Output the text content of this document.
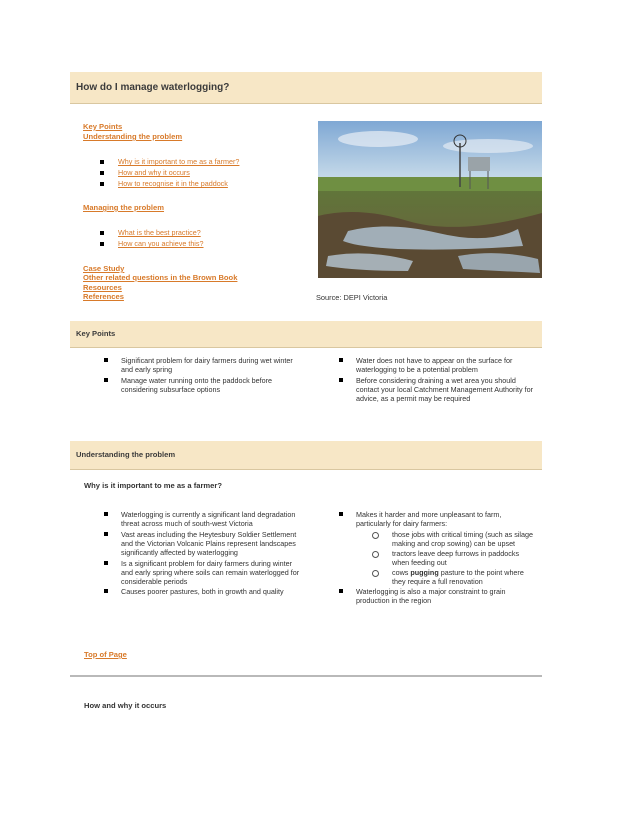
How do I manage waterlogging?
Key Points
Understanding the problem
Why is it important to me as a farmer?
How and why it occurs
How to recognise it in the paddock
Managing the problem
What is the best practice?
How can you achieve this?
Case Study
Other related questions in the Brown Book
Resources
References	Source: DEPI Victoria
Key Points
Significant problem for dairy farmers during wet winter
and early spring
Manage water running onto the paddock before
considering subsurface options
Water does not have to appear on the surface for
waterlogging to be a potential problem
Before considering draining a wet area you should
contact your local Catchment Management Authority for
advice, as a permit may be required
Understanding the problem
Why is it important to me as a farmer?
Waterlogging is currently a significant land degradation
threat across much of south-west Victoria
Vast areas including the Heytesbury Soldier Settlement
and the Victorian Volcanic Plains represent landscapes
significantly affected by waterlogging
Is a significant problem for dairy farmers during winter
and early spring where soils can remain waterlogged for
considerable periods
Causes poorer pastures, both in growth and quality
Makes it harder and more unpleasant to farm,
particularly for dairy farmers:
those jobs with critical timing (such as silage
making and crop sowing) can be upset
tractors leave deep furrows in paddocks
when feeding out
cows pugging pasture to the point where
they require a full renovation
Waterlogging is also a major constraint to grain
production in the region
Top of Page
How and why it occurs
